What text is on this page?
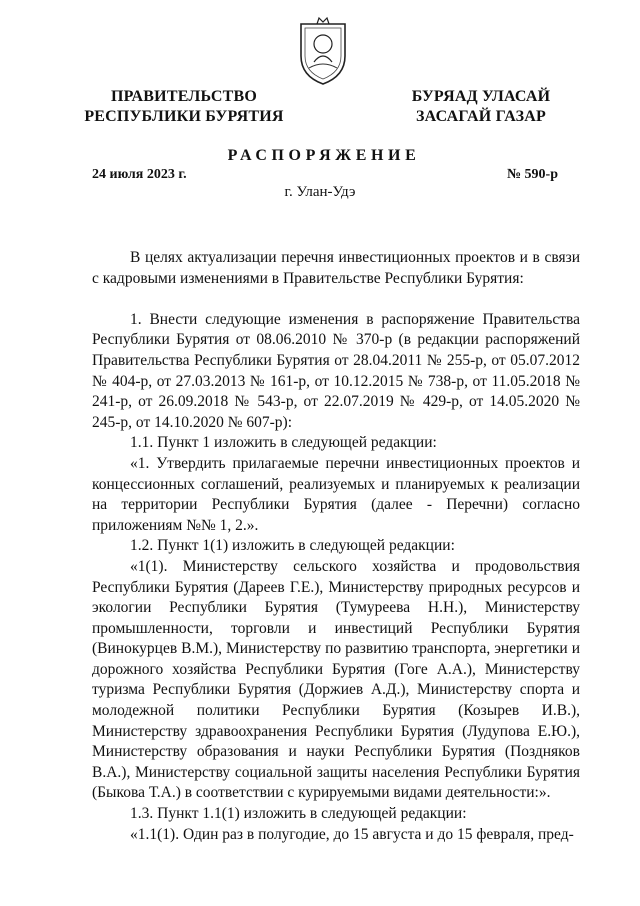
ПРАВИТЕЛЬСТВО
РЕСПУБЛИКИ БУРЯТИЯ
БУРЯАД УЛАСАЙ
ЗАСАГАЙ ГАЗАР
РАСПОРЯЖЕНИЕ
24 июля 2023 г.	№ 590-р
г. Улан-Удэ

В целях актуализации перечня инвестиционных проектов и в связи с кадровыми изменениями в Правительстве Республики Бурятия:

1. Внести следующие изменения в распоряжение Правительства Республики Бурятия от 08.06.2010 № 370-р (в редакции распоряжений Правительства Республики Бурятия от 28.04.2011 № 255-р, от 05.07.2012 № 404-р, от 27.03.2013 № 161-р, от 10.12.2015 № 738-р, от 11.05.2018 № 241-р, от 26.09.2018 № 543-р, от 22.07.2019 № 429-р, от 14.05.2020 № 245-р, от 14.10.2020 № 607-р):

1.1. Пункт 1 изложить в следующей редакции:

«1. Утвердить прилагаемые перечни инвестиционных проектов и концессионных соглашений, реализуемых и планируемых к реализации на территории Республики Бурятия (далее - Перечни) согласно приложениям №№ 1, 2.».

1.2. Пункт 1(1) изложить в следующей редакции:

«1(1). Министерству сельского хозяйства и продовольствия Республики Бурятия (Дареев Г.Е.), Министерству природных ресурсов и экологии Республики Бурятия (Тумуреева Н.Н.), Министерству промышленности, торговли и инвестиций Республики Бурятия (Винокурцев В.М.), Министерству по развитию транспорта, энергетики и дорожного хозяйства Республики Бурятия (Гоге А.А.), Министерству туризма Республики Бурятия (Доржиев А.Д.), Министерству спорта и молодежной политики Республики Бурятия (Козырев И.В.), Министерству здравоохранения Республики Бурятия (Лудупова Е.Ю.), Министерству образования и науки Республики Бурятия (Поздняков В.А.), Министерству социальной защиты населения Республики Бурятия (Быкова Т.А.) в соответствии с курируемыми видами деятельности:».

1.3. Пункт 1.1(1) изложить в следующей редакции:

«1.1(1). Один раз в полугодие, до 15 августа и до 15 февраля, пред-
